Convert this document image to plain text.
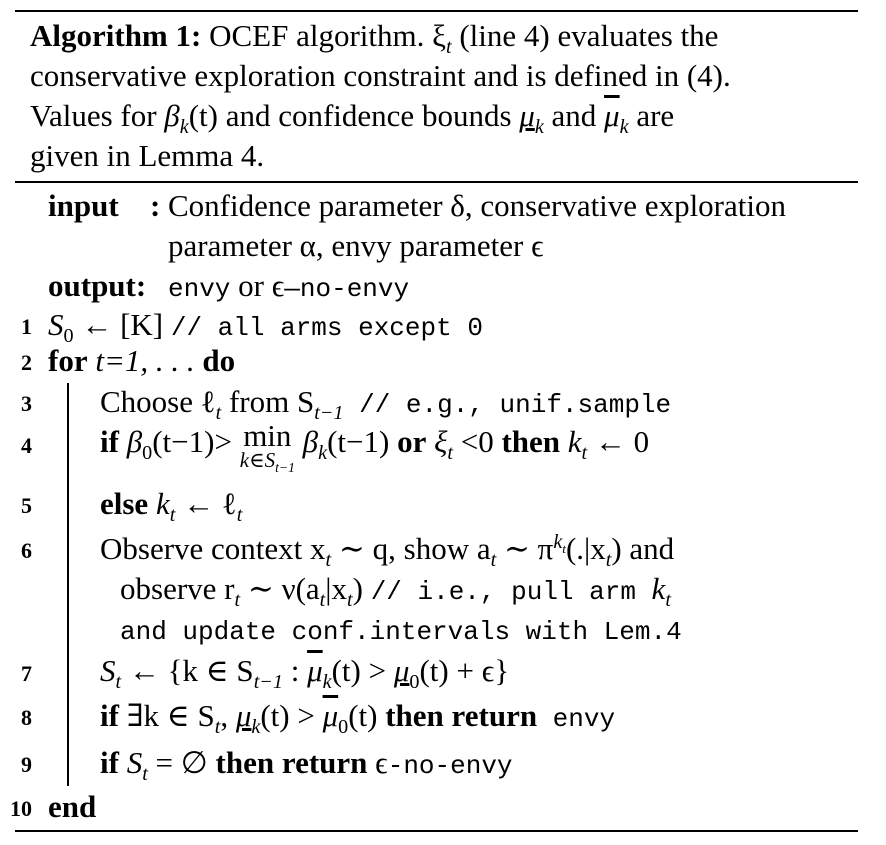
Algorithm 1: OCEF algorithm. $\xi_t$ (line 4) evaluates the
conservative exploration constraint and is defined in (4).
Values for $\beta_k(t)$ and confidence bounds $\mu_k$ and $\overline{\mu}_k$ are
given in Lemma 4.
input : Confidence parameter δ, conservative exploration
parameter α, envy parameter ϵ
output: envy or ϵ—no-envy
1 $S_0$ ← [K] // all arms except 0
2 for t=1, . . . do
3 Choose ℓ$_t$ from $S_{t-1} // e.g$., unif.sample
4 if $\beta_0(t-1)> \min$
$k\in S_{t-1}$
$\beta_k(t-1)$ or $\xi_t <0$ then $k_t$ ← 0
5 else $k_t$ ← ℓ$_t$
6 Observe context $x_t$ ∼ q, show $a_t$ ∼ $\pi^{k_t}(.|x_t)$ and
observe $r_t$ ∼ $\nu(a_t|x_t) // i.e$., pull arm $k_t$
and update conf.intervals with Lem.4
7 $S_t$ ← {k ∈ $S_{t-1}$ : $\overline{\mu}_k(t) > \mu_0(t) + \epsilon$}
8 if ∃k ∈ $S_t$, $\mu_k(t) > \overline{\mu}_0(t)$ then return envy
9 if $S_t$ = ∅ then return ϵ-no-envy
10 end
